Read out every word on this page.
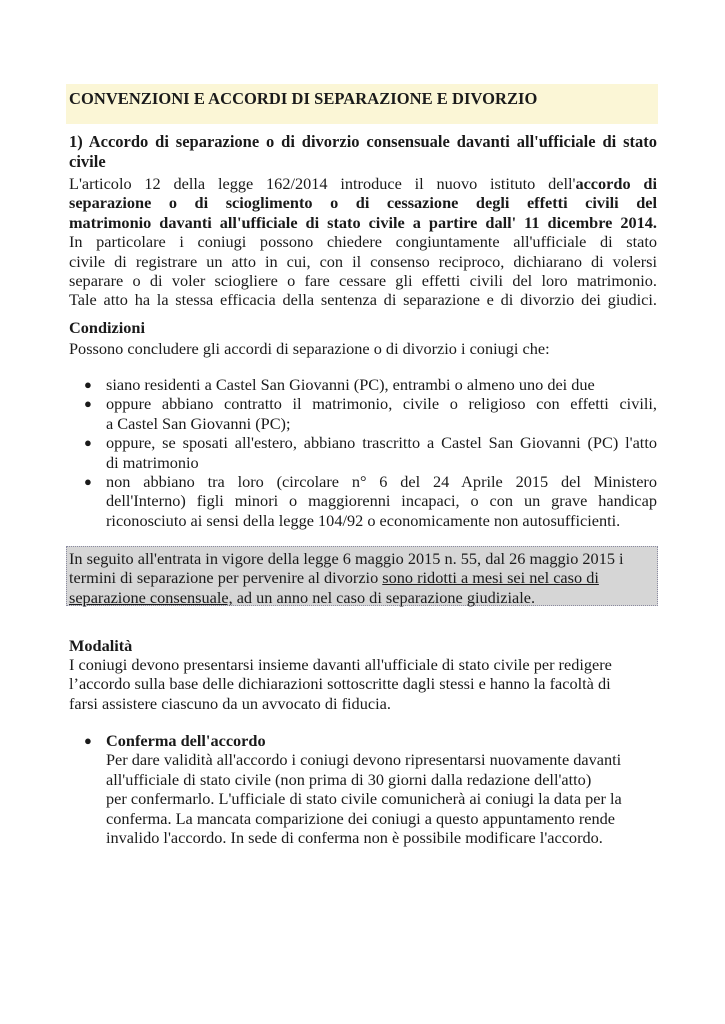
CONVENZIONI E ACCORDI DI SEPARAZIONE E DIVORZIO
1) Accordo di separazione o di divorzio consensuale davanti all'ufficiale di stato
civile
L'articolo 12 della legge 162/2014 introduce il nuovo istituto dell'accordo di
separazione o di scioglimento o di cessazione degli effetti civili del
matrimonio davanti all'ufficiale di stato civile a partire dall' 11 dicembre 2014.
In particolare i coniugi possono chiedere congiuntamente all'ufficiale di stato
civile di registrare un atto in cui, con il consenso reciproco, dichiarano di volersi
separare o di voler sciogliere o fare cessare gli effetti civili del loro matrimonio.
Tale atto ha la stessa efficacia della sentenza di separazione e di divorzio dei giudici.
Condizioni
Possono concludere gli accordi di separazione o di divorzio i coniugi che:
● siano residenti a Castel San Giovanni (PC), entrambi o almeno uno dei due
● oppure abbiano contratto il matrimonio, civile o religioso con effetti civili,
a Castel San Giovanni (PC);
● oppure, se sposati all'estero, abbiano trascritto a Castel San Giovanni (PC) l'atto
di matrimonio
● non abbiano tra loro (circolare n° 6 del 24 Aprile 2015 del Ministero
dell'Interno) figli minori o maggiorenni incapaci, o con un grave handicap
riconosciuto ai sensi della legge 104/92 o economicamente non autosufficienti.
In seguito all'entrata in vigore della legge 6 maggio 2015 n. 55, dal 26 maggio 2015 i
termini di separazione per pervenire al divorzio sono ridotti a mesi sei nel caso di
separazione consensuale, ad un anno nel caso di separazione giudiziale.
Modalità
I coniugi devono presentarsi insieme davanti all'ufficiale di stato civile per redigere
l’accordo sulla base delle dichiarazioni sottoscritte dagli stessi e hanno la facoltà di
farsi assistere ciascuno da un avvocato di fiducia.
● Conferma dell'accordo
Per dare validità all'accordo i coniugi devono ripresentarsi nuovamente davanti
all'ufficiale di stato civile (non prima di 30 giorni dalla redazione dell'atto)
per confermarlo. L'ufficiale di stato civile comunicherà ai coniugi la data per la
conferma. La mancata comparizione dei coniugi a questo appuntamento rende
invalido l'accordo. In sede di conferma non è possibile modificare l'accordo.
